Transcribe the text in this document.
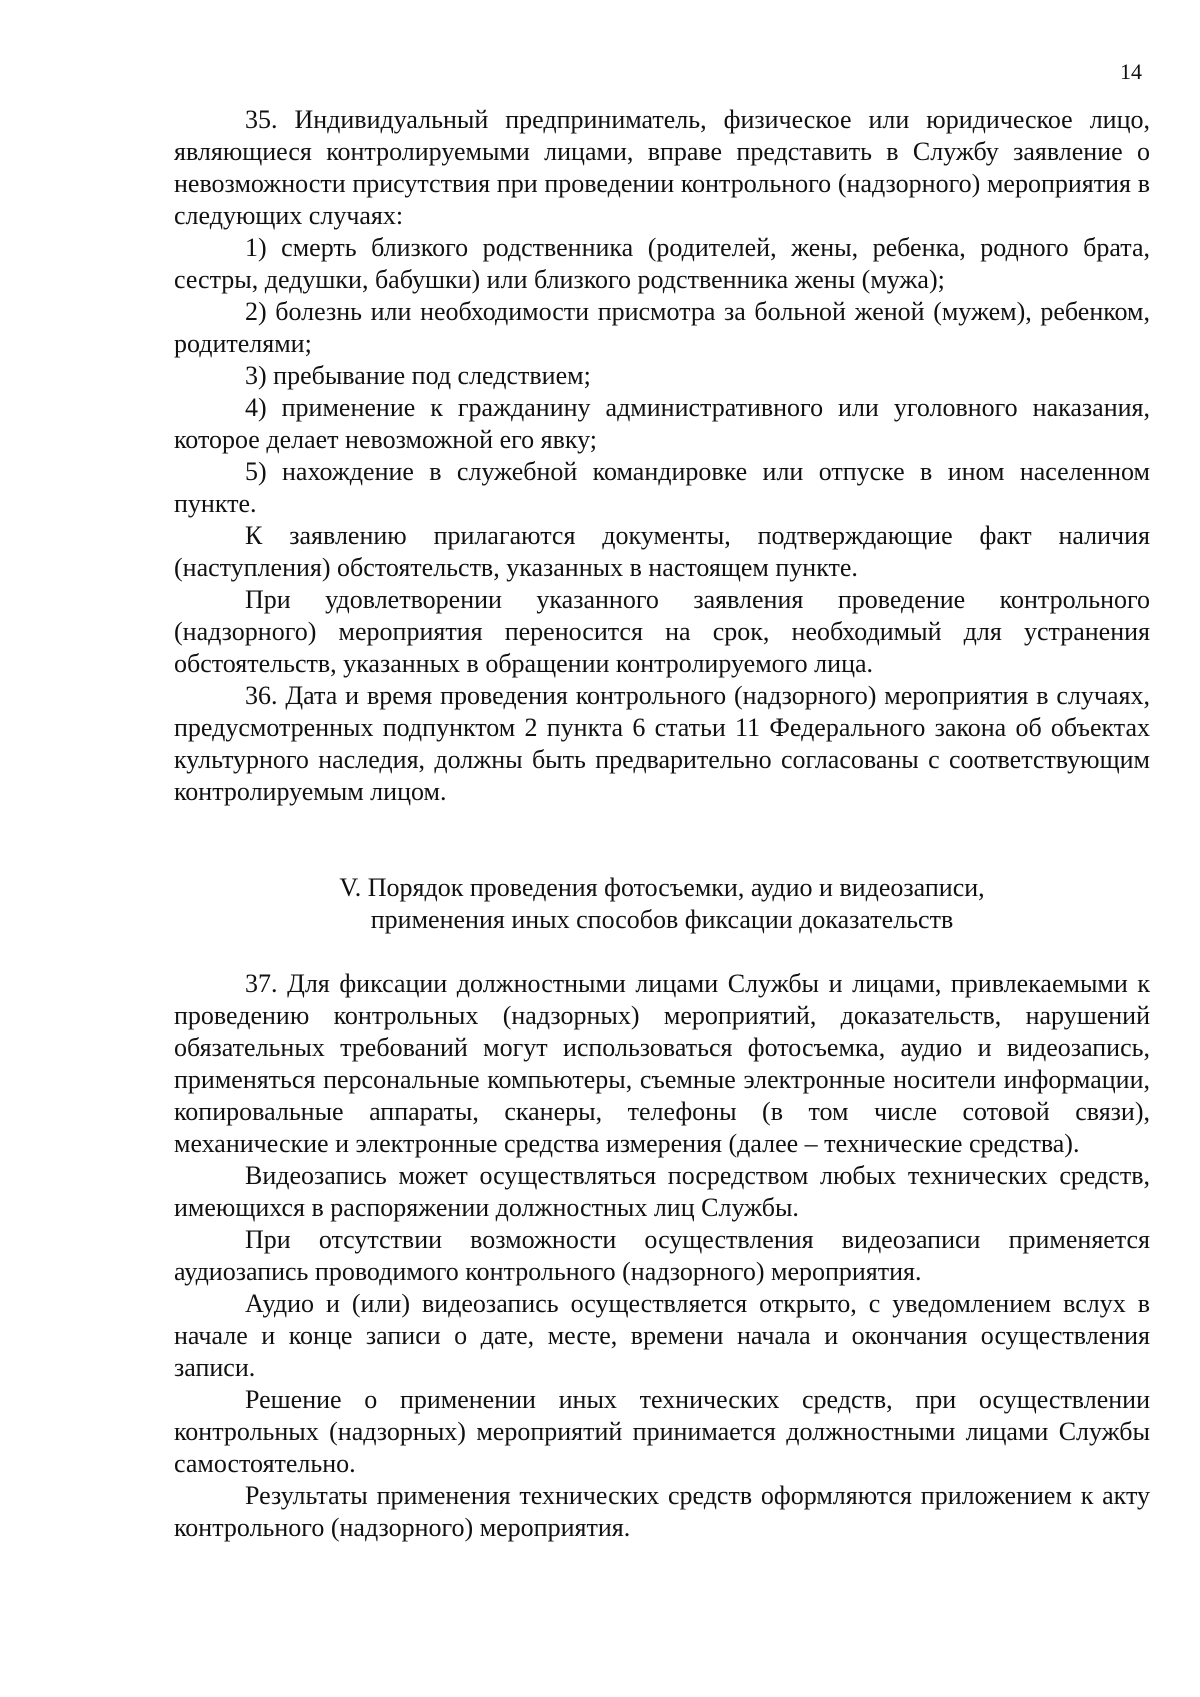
14

35. Индивидуальный предприниматель, физическое или юридическое лицо, являющиеся контролируемыми лицами, вправе представить в Службу заявление о невозможности присутствия при проведении контрольного (надзорного) мероприятия в следующих случаях:

1) смерть близкого родственника (родителей, жены, ребенка, родного брата, сестры, дедушки, бабушки) или близкого родственника жены (мужа);

2) болезнь или необходимости присмотра за больной женой (мужем), ребенком, родителями;

3) пребывание под следствием;

4) применение к гражданину административного или уголовного наказания, которое делает невозможной его явку;

5) нахождение в служебной командировке или отпуске в ином населенном пункте.

К заявлению прилагаются документы, подтверждающие факт наличия (наступления) обстоятельств, указанных в настоящем пункте.

При удовлетворении указанного заявления проведение контрольного (надзорного) мероприятия переносится на срок, необходимый для устранения обстоятельств, указанных в обращении контролируемого лица.

36. Дата и время проведения контрольного (надзорного) мероприятия в случаях, предусмотренных подпунктом 2 пункта 6 статьи 11 Федерального закона об объектах культурного наследия, должны быть предварительно согласованы с соответствующим контролируемым лицом.

V. Порядок проведения фотосъемки, аудио и видеозаписи,
применения иных способов фиксации доказательств

37. Для фиксации должностными лицами Службы и лицами, привлекаемыми к проведению контрольных (надзорных) мероприятий, доказательств, нарушений обязательных требований могут использоваться фотосъемка, аудио и видеозапись, применяться персональные компьютеры, съемные электронные носители информации, копировальные аппараты, сканеры, телефоны (в том числе сотовой связи), механические и электронные средства измерения (далее – технические средства).

Видеозапись может осуществляться посредством любых технических средств, имеющихся в распоряжении должностных лиц Службы.

При отсутствии возможности осуществления видеозаписи применяется аудиозапись проводимого контрольного (надзорного) мероприятия.

Аудио и (или) видеозапись осуществляется открыто, с уведомлением вслух в начале и конце записи о дате, месте, времени начала и окончания осуществления записи.

Решение о применении иных технических средств, при осуществлении контрольных (надзорных) мероприятий принимается должностными лицами Службы самостоятельно.

Результаты применения технических средств оформляются приложением к акту контрольного (надзорного) мероприятия.
